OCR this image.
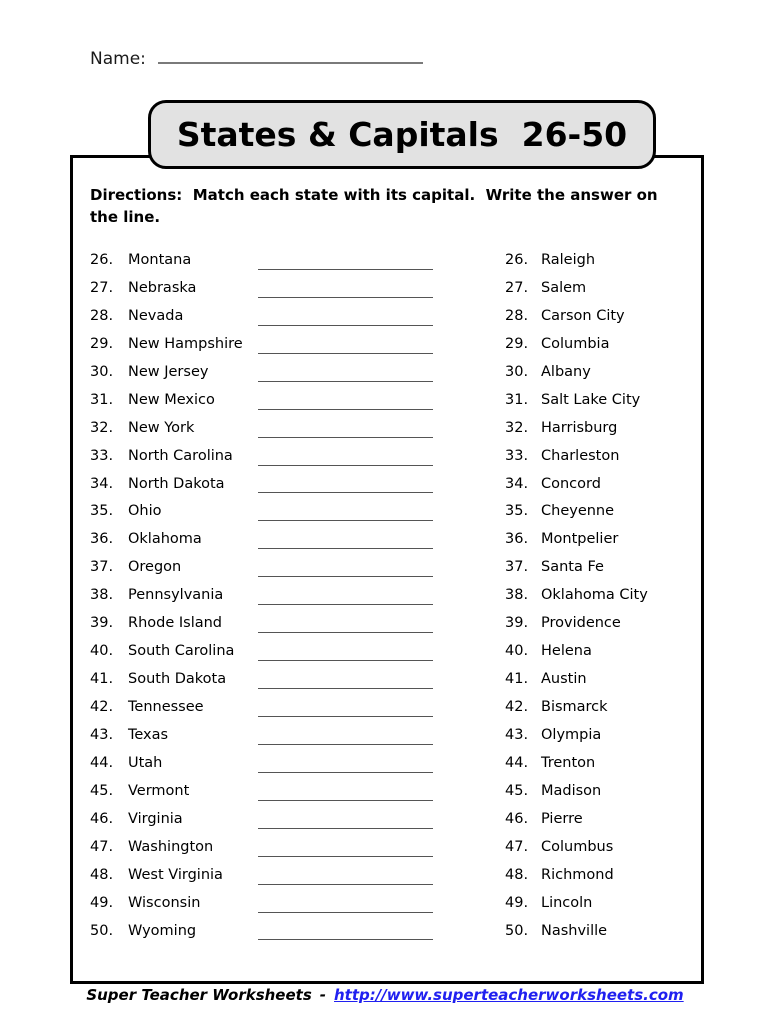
Name:
States & Capitals  26-50
Directions:  Match each state with its capital.  Write the answer on the line.
26. Montana
27. Nebraska
28. Nevada
29. New Hampshire
30. New Jersey
31. New Mexico
32. New York
33. North Carolina
34. North Dakota
35. Ohio
36. Oklahoma
37. Oregon
38. Pennsylvania
39. Rhode Island
40. South Carolina
41. South Dakota
42. Tennessee
43. Texas
44. Utah
45. Vermont
46. Virginia
47. Washington
48. West Virginia
49. Wisconsin
50. Wyoming
26. Raleigh
27. Salem
28. Carson City
29. Columbia
30. Albany
31. Salt Lake City
32. Harrisburg
33. Charleston
34. Concord
35. Cheyenne
36. Montpelier
37. Santa Fe
38. Oklahoma City
39. Providence
40. Helena
41. Austin
42. Bismarck
43. Olympia
44. Trenton
45. Madison
46. Pierre
47. Columbus
48. Richmond
49. Lincoln
50. Nashville
Super Teacher Worksheets - http://www.superteacherworksheets.com
